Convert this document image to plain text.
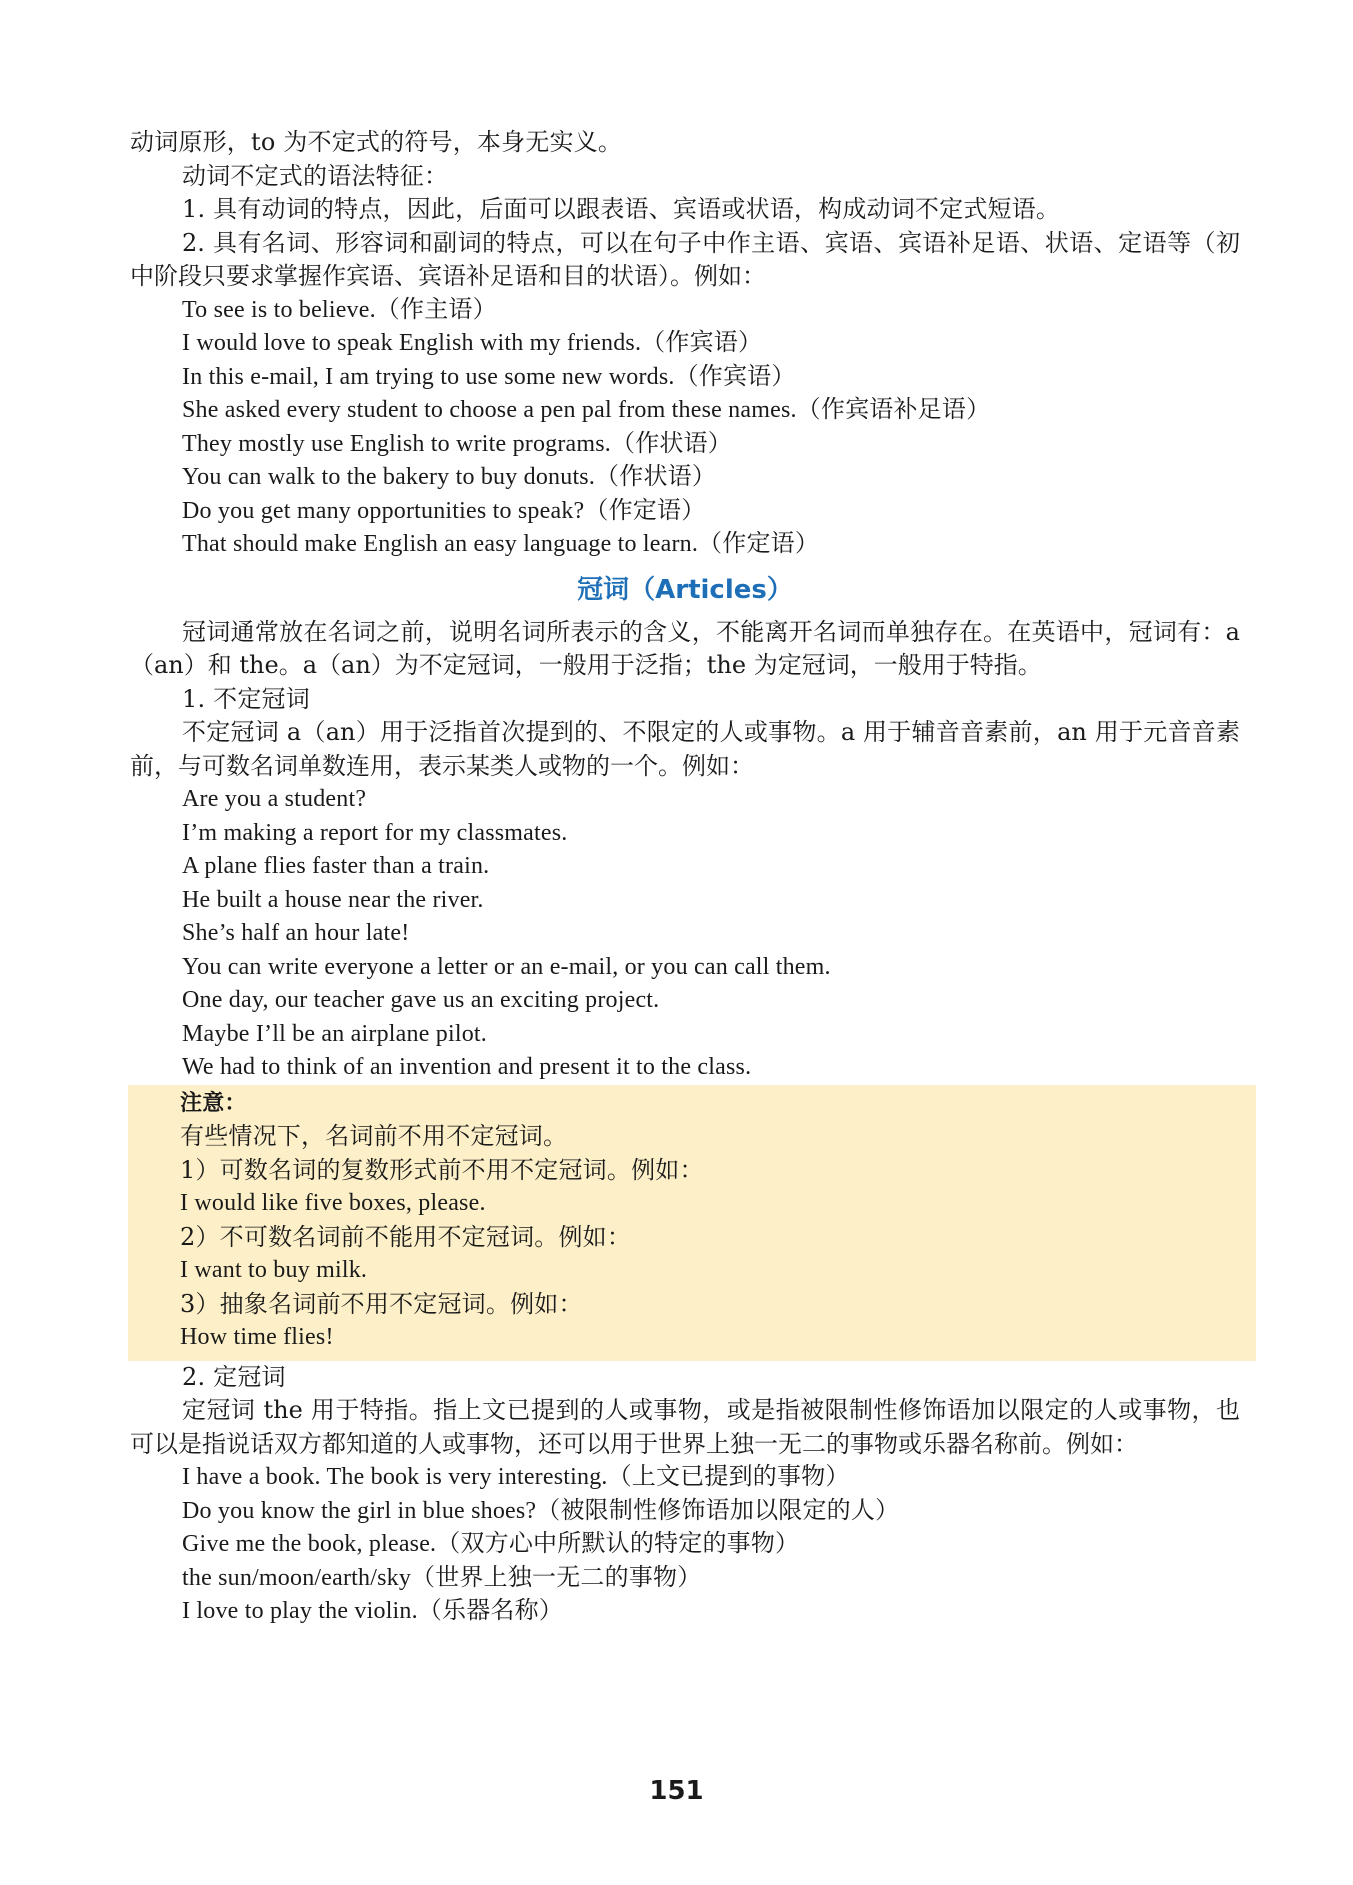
动词原形，to 为不定式的符号，本身无实义。
动词不定式的语法特征：
1. 具有动词的特点，因此，后面可以跟表语、宾语或状语，构成动词不定式短语。
2. 具有名词、形容词和副词的特点，可以在句子中作主语、宾语、宾语补足语、状语、定语等（初中阶段只要求掌握作宾语、宾语补足语和目的状语）。例如：
To see is to believe.（作主语）
I would love to speak English with my friends.（作宾语）
In this e-mail, I am trying to use some new words.（作宾语）
She asked every student to choose a pen pal from these names.（作宾语补足语）
They mostly use English to write programs.（作状语）
You can walk to the bakery to buy donuts.（作状语）
Do you get many opportunities to speak?（作定语）
That should make English an easy language to learn.（作定语）
冠词（Articles）
冠词通常放在名词之前，说明名词所表示的含义，不能离开名词而单独存在。在英语中，冠词有：a（an）和 the。a（an）为不定冠词，一般用于泛指；the 为定冠词，一般用于特指。
1. 不定冠词
不定冠词 a（an）用于泛指首次提到的、不限定的人或事物。a 用于辅音音素前，an 用于元音音素前，与可数名词单数连用，表示某类人或物的一个。例如：
Are you a student?
I’m making a report for my classmates.
A plane flies faster than a train.
He built a house near the river.
She’s half an hour late!
You can write everyone a letter or an e-mail, or you can call them.
One day, our teacher gave us an exciting project.
Maybe I’ll be an airplane pilot.
We had to think of an invention and present it to the class.
注意：
有些情况下，名词前不用不定冠词。
1）可数名词的复数形式前不用不定冠词。例如：
I would like five boxes, please.
2）不可数名词前不能用不定冠词。例如：
I want to buy milk.
3）抽象名词前不用不定冠词。例如：
How time flies!
2. 定冠词
定冠词 the 用于特指。指上文已提到的人或事物，或是指被限制性修饰语加以限定的人或事物，也可以是指说话双方都知道的人或事物，还可以用于世界上独一无二的事物或乐器名称前。例如：
I have a book. The book is very interesting.（上文已提到的事物）
Do you know the girl in blue shoes?（被限制性修饰语加以限定的人）
Give me the book, please.（双方心中所默认的特定的事物）
the sun/moon/earth/sky（世界上独一无二的事物）
I love to play the violin.（乐器名称）
151
